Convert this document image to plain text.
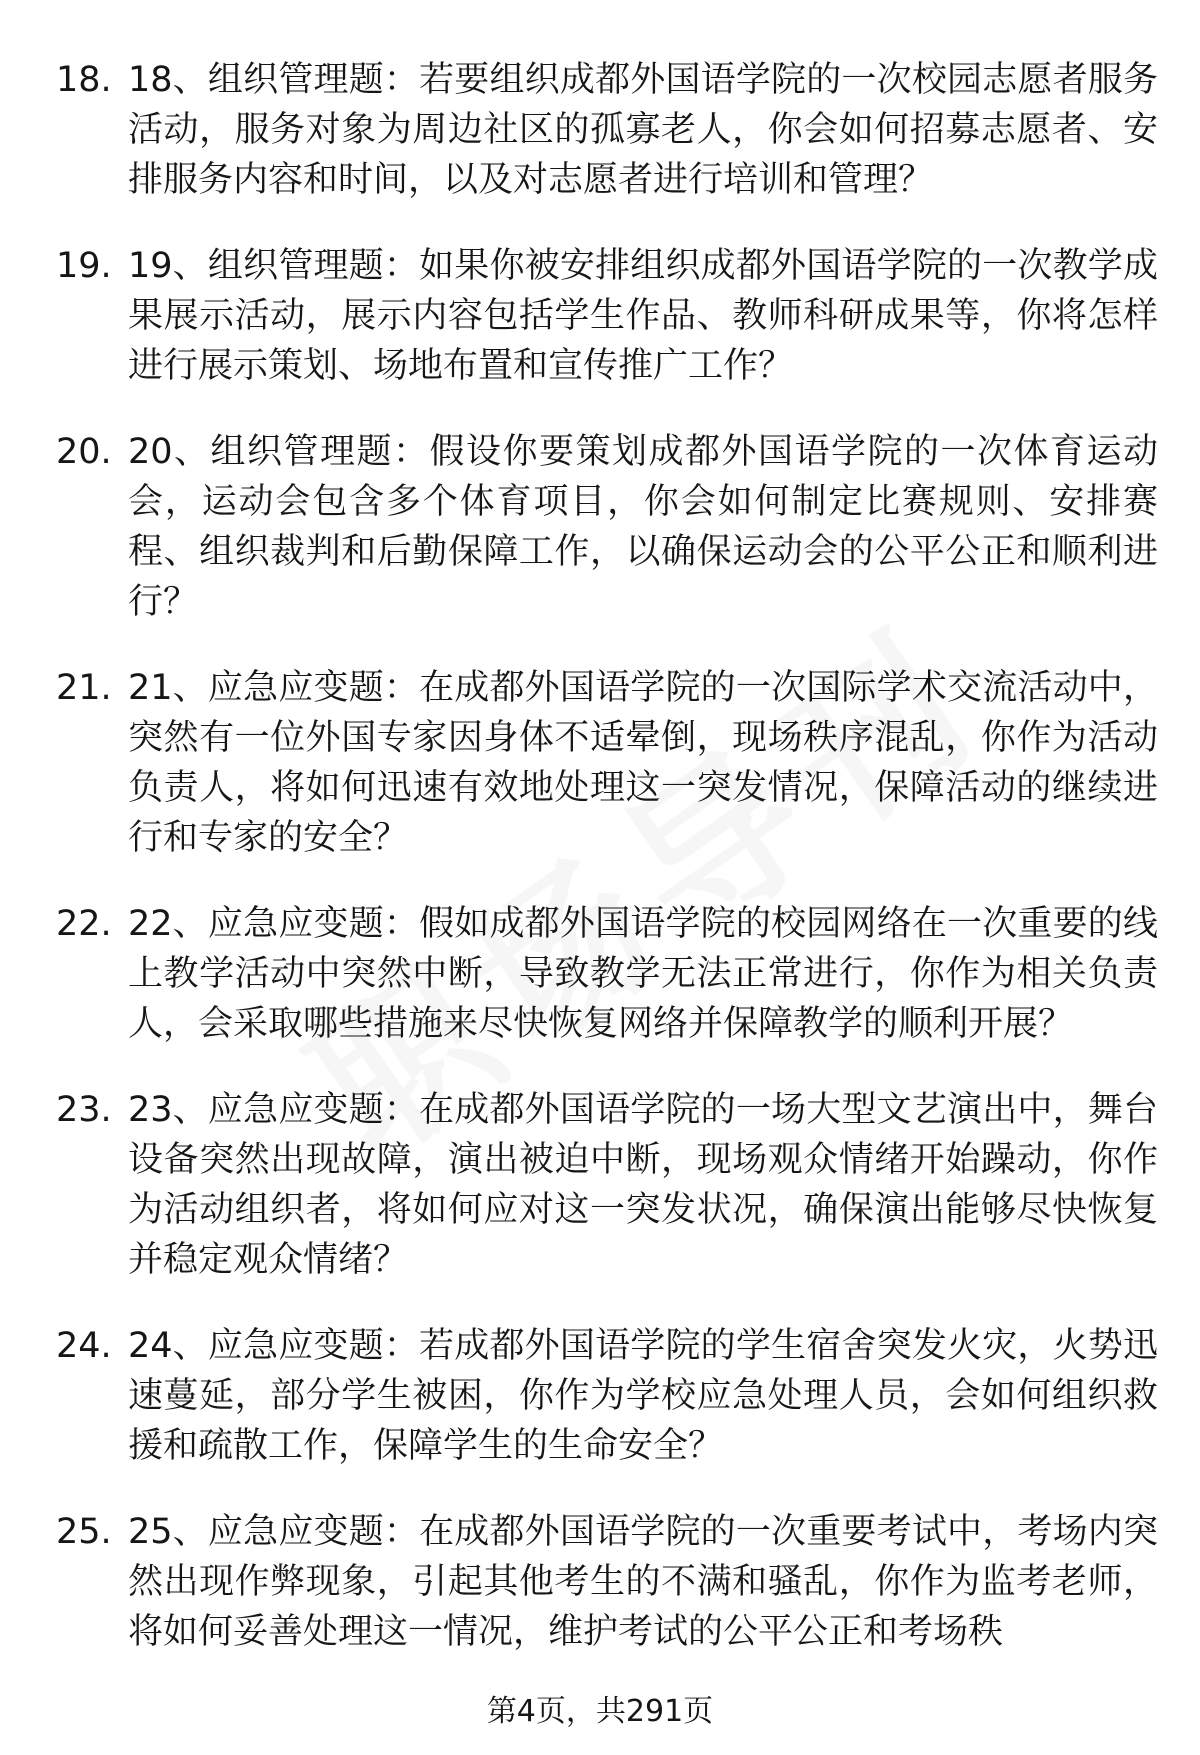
18. 18、组织管理题：若要组织成都外国语学院的一次校园志愿者服务活动，服务对象为周边社区的孤寡老人，你会如何招募志愿者、安排服务内容和时间，以及对志愿者进行培训和管理？
19. 19、组织管理题：如果你被安排组织成都外国语学院的一次教学成果展示活动，展示内容包括学生作品、教师科研成果等，你将怎样进行展示策划、场地布置和宣传推广工作？
20. 20、组织管理题：假设你要策划成都外国语学院的一次体育运动会，运动会包含多个体育项目，你会如何制定比赛规则、安排赛程、组织裁判和后勤保障工作，以确保运动会的公平公正和顺利进行？
21. 21、应急应变题：在成都外国语学院的一次国际学术交流活动中，突然有一位外国专家因身体不适晕倒，现场秩序混乱，你作为活动负责人，将如何迅速有效地处理这一突发情况，保障活动的继续进行和专家的安全？
22. 22、应急应变题：假如成都外国语学院的校园网络在一次重要的线上教学活动中突然中断，导致教学无法正常进行，你作为相关负责人，会采取哪些措施来尽快恢复网络并保障教学的顺利开展？
23. 23、应急应变题：在成都外国语学院的一场大型文艺演出中，舞台设备突然出现故障，演出被迫中断，现场观众情绪开始躁动，你作为活动组织者，将如何应对这一突发状况，确保演出能够尽快恢复并稳定观众情绪？
24. 24、应急应变题：若成都外国语学院的学生宿舍突发火灾，火势迅速蔓延，部分学生被困，你作为学校应急处理人员，会如何组织救援和疏散工作，保障学生的生命安全？
25. 25、应急应变题：在成都外国语学院的一次重要考试中，考场内突然出现作弊现象，引起其他考生的不满和骚乱，你作为监考老师，将如何妥善处理这一情况，维护考试的公平公正和考场秩
第4页，共291页
